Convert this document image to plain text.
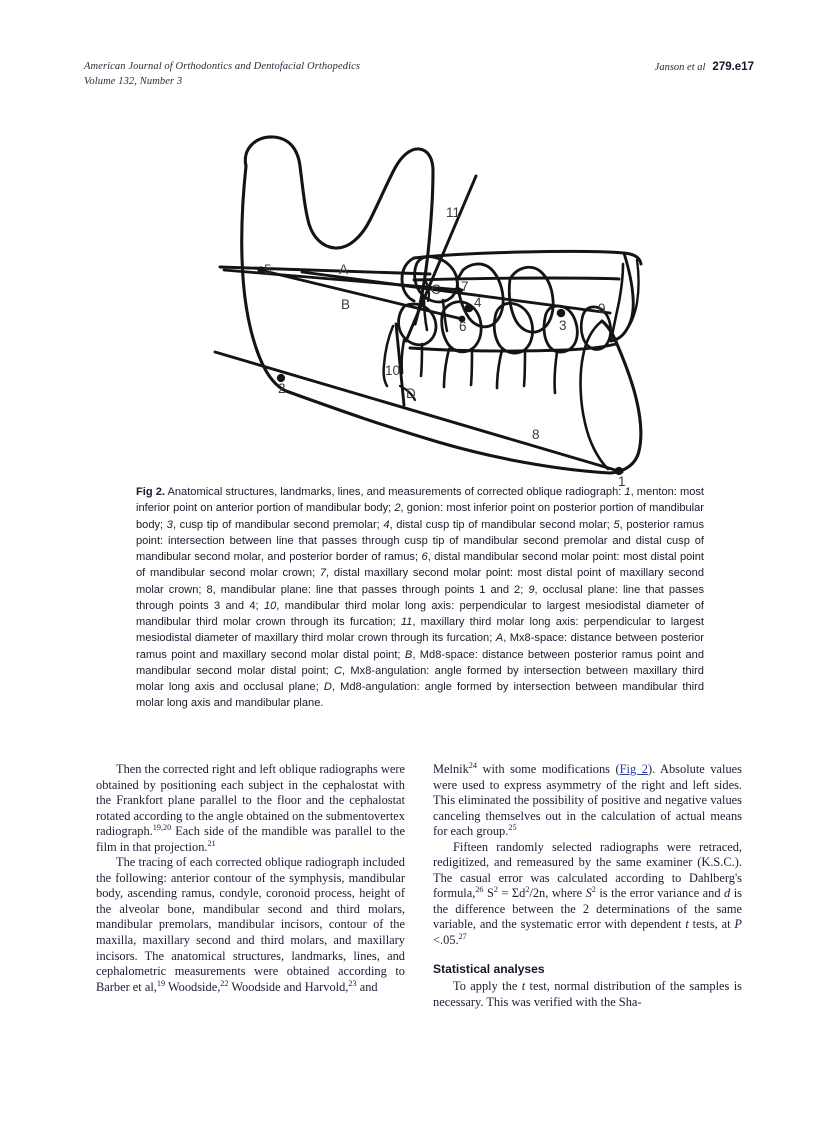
American Journal of Orthodontics and Dentofacial Orthopedics
Volume 132, Number 3
Janson et al 279.e17
11
5	A
B
C 7
4
6	3
9
10
D
2
8
1
Fig 2. Anatomical structures, landmarks, lines, and measurements of corrected oblique radiograph: 1, menton: most inferior point on anterior portion of mandibular body; 2, gonion: most inferior point on posterior portion of mandibular body; 3, cusp tip of mandibular second premolar; 4, distal cusp tip of mandibular second molar; 5, posterior ramus point: intersection between line that passes through cusp tip of mandibular second premolar and distal cusp of mandibular second molar, and posterior border of ramus; 6, distal mandibular second molar point: most distal point of mandibular second molar crown; 7, distal maxillary second molar point: most distal point of maxillary second molar crown; 8, mandibular plane: line that passes through points 1 and 2; 9, occlusal plane: line that passes through points 3 and 4; 10, mandibular third molar long axis: perpendicular to largest mesiodistal diameter of mandibular third molar crown through its furcation; 11, maxillary third molar long axis: perpendicular to largest mesiodistal diameter of maxillary third molar crown through its furcation; A, Mx8-space: distance between posterior ramus point and maxillary second molar distal point; B, Md8-space: distance between posterior ramus point and mandibular second molar distal point; C, Mx8-angulation: angle formed by intersection between maxillary third molar long axis and occlusal plane; D, Md8-angulation: angle formed by intersection between mandibular third molar long axis and mandibular plane.

Then the corrected right and left oblique radiographs were obtained by positioning each subject in the cephalostat with the Frankfort plane parallel to the floor and the cephalostat rotated according to the angle obtained on the submentovertex radiograph.$^{19,20}$ Each side of the mandible was parallel to the film in that projection.$^{21}$

The tracing of each corrected oblique radiograph included the following: anterior contour of the symphysis, mandibular body, ascending ramus, condyle, coronoid process, height of the alveolar bone, mandibular second and third molars, mandibular premolars, mandibular incisors, contour of the maxilla, maxillary second and third molars, and maxillary incisors. The anatomical structures, landmarks, lines, and cephalometric measurements were obtained according to Barber et al,$^{19}$ Woodside,$^{22}$ Woodside and Harvold,$^{23}$ and

Melnik$^{24}$ with some modifications (Fig 2). Absolute values were used to express asymmetry of the right and left sides. This eliminated the possibility of positive and negative values canceling themselves out in the calculation of actual means for each group.$^{25}$

Fifteen randomly selected radiographs were retraced, redigitized, and remeasured by the same examiner (K.S.C.). The casual error was calculated according to Dahlberg's formula,$^{26}$ $S^2 = \Sigma d^2/2n$, where $S^2$ is the error variance and d is the difference between the 2 determinations of the same variable, and the systematic error with dependent t tests, at P <.05.27

Statistical analyses

To apply the t test, normal distribution of the samples is necessary. This was verified with the Sha-
